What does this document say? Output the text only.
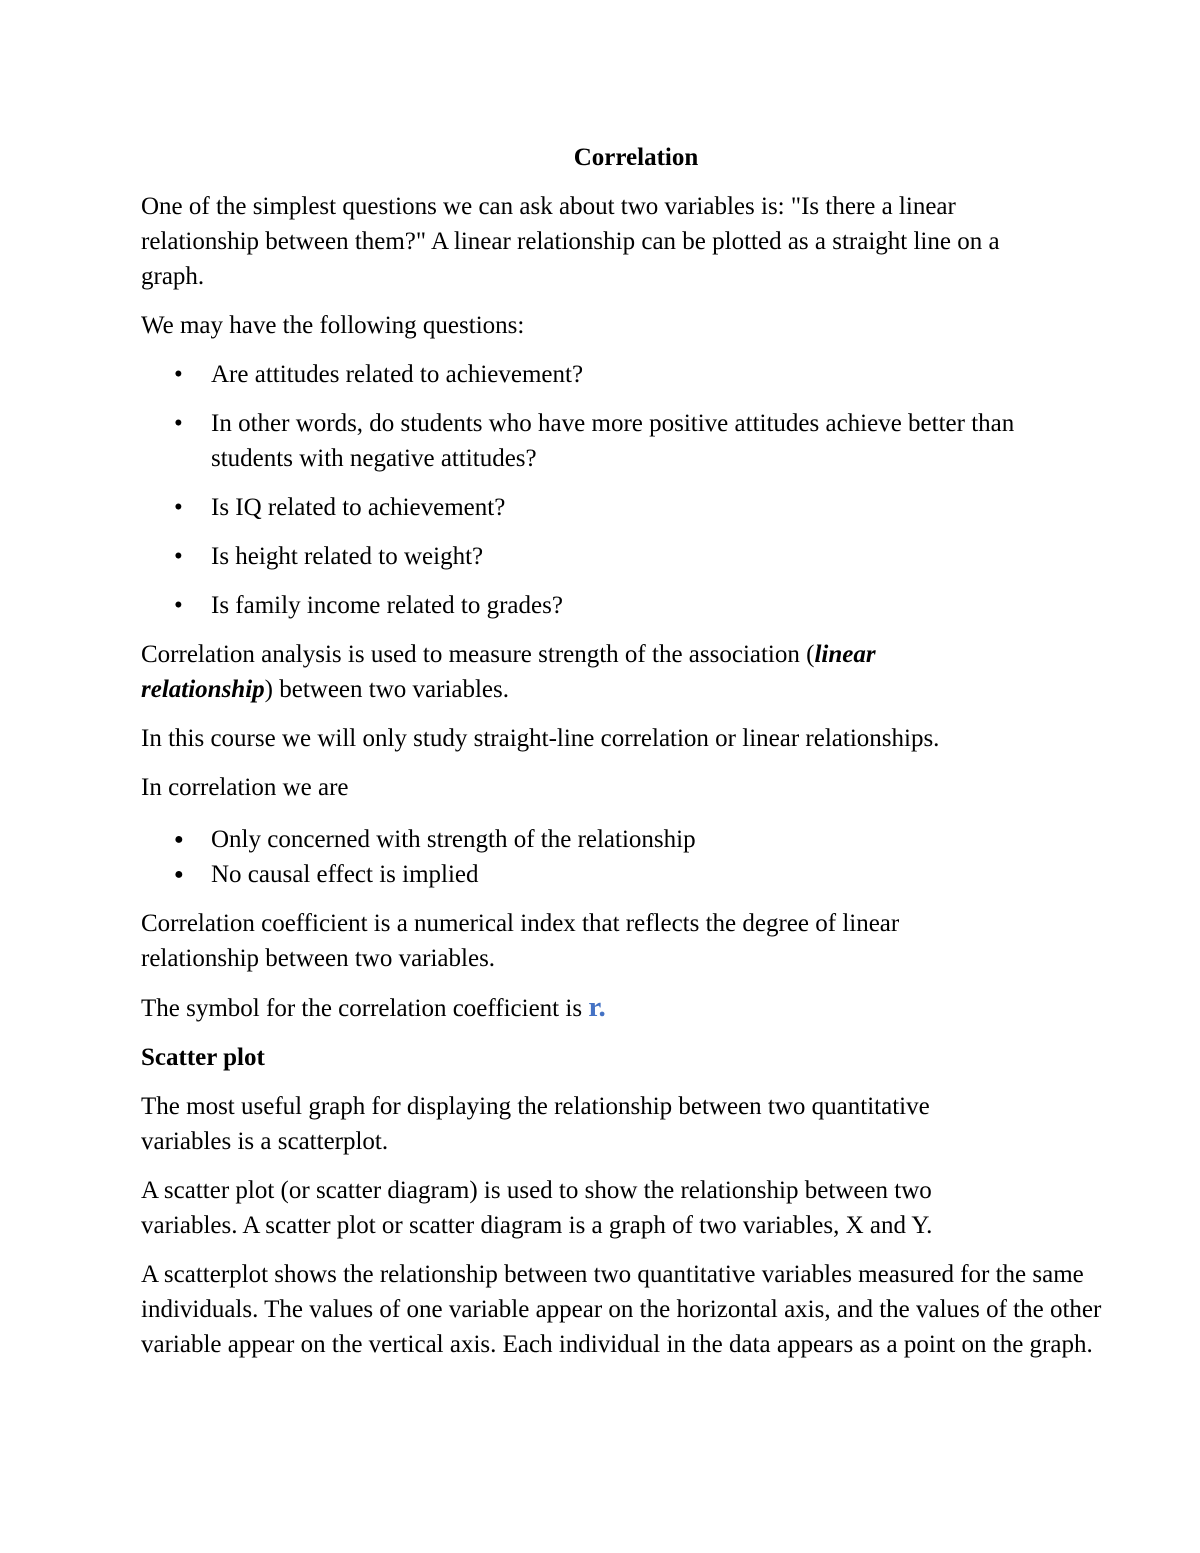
Correlation

One of the simplest questions we can ask about two variables is: "Is there a linear relationship between them?" A linear relationship can be plotted as a straight line on a graph.

We may have the following questions:

• Are attitudes related to achievement?
• In other words, do students who have more positive attitudes achieve better than students with negative attitudes?
• Is IQ related to achievement?
• Is height related to weight?
• Is family income related to grades?

Correlation analysis is used to measure strength of the association (linear relationship) between two variables.

In this course we will only study straight-line correlation or linear relationships.

In correlation we are

● Only concerned with strength of the relationship
● No causal effect is implied

Correlation coefficient is a numerical index that reflects the degree of linear relationship between two variables.

The symbol for the correlation coefficient is r.

Scatter plot

The most useful graph for displaying the relationship between two quantitative variables is a scatterplot.

A scatter plot (or scatter diagram) is used to show the relationship between two variables. A scatter plot or scatter diagram is a graph of two variables, X and Y.

A scatterplot shows the relationship between two quantitative variables measured for the same individuals. The values of one variable appear on the horizontal axis, and the values of the other variable appear on the vertical axis. Each individual in the data appears as a point on the graph.
